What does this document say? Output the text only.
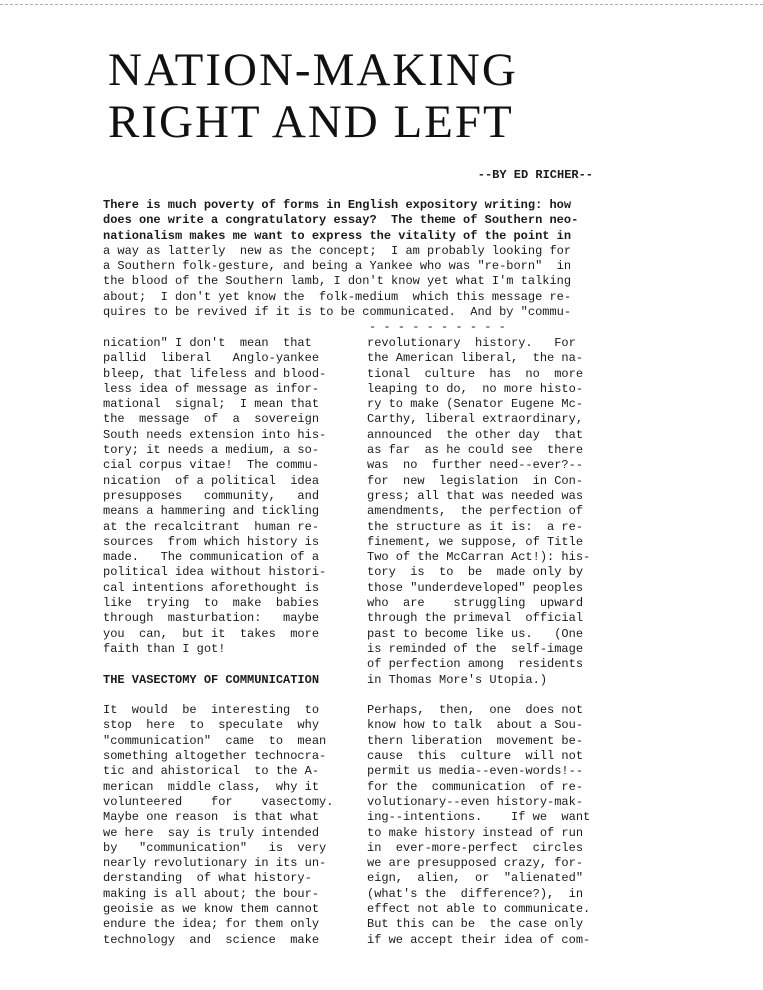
NATION-MAKING
RIGHT AND LEFT
--BY ED RICHER--
There is much poverty of forms in English expository writing: how
does one write a congratulatory essay?  The theme of Southern neo-
nationalism makes me want to express the vitality of the point in
a way as latterly  new as the concept;  I am probably looking for
a Southern folk-gesture, and being a Yankee who was "re-born"  in
the blood of the Southern lamb, I don't know yet what I'm talking
about;  I don't yet know the  folk-medium  which this message re-
quires to be revived if it is to be communicated.  And by "commu-
- - - - - - - - - -
nication" I don't  mean  that
pallid  liberal   Anglo-yankee
bleep, that lifeless and blood-
less idea of message as infor-
mational  signal;  I mean that
the  message  of  a  sovereign
South needs extension into his-
tory; it needs a medium, a so-
cial corpus vitae!  The commu-
nication  of a political  idea
presupposes   community,   and
means a hammering and tickling
at the recalcitrant  human re-
sources  from which history is
made.   The communication of a
political idea without histori-
cal intentions aforethought is
like  trying  to  make  babies
through  masturbation:   maybe
you  can,  but it  takes  more
faith than I got!
THE VASECTOMY OF COMMUNICATION
It  would  be  interesting  to
stop  here  to  speculate  why
"communication"  came  to  mean
something altogether technocra-
tic and ahistorical  to the A-
merican  middle class,  why it
volunteered    for    vasectomy.
Maybe one reason  is that what
we here  say is truly intended
by   "communication"   is  very
nearly revolutionary in its un-
derstanding  of what history-
making is all about; the bour-
geoisie as we know them cannot
endure the idea; for them only
technology  and  science  make
revolutionary  history.   For
the American liberal,  the na-
tional  culture  has  no  more
leaping to do,  no more histo-
ry to make (Senator Eugene Mc-
Carthy, liberal extraordinary,
announced  the other day  that
as far  as he could see  there
was  no  further need--ever?--
for  new  legislation  in Con-
gress; all that was needed was
amendments,  the perfection of
the structure as it is:  a re-
finement, we suppose, of Title
Two of the McCarran Act!): his-
tory  is  to  be  made only by
those "underdeveloped" peoples
who  are    struggling  upward
through the primeval  official
past to become like us.   (One
is reminded of the  self-image
of perfection among  residents
in Thomas More's Utopia.)
Perhaps,  then,  one  does not
know how to talk  about a Sou-
thern liberation  movement be-
cause  this  culture  will not
permit us media--even-words!--
for the  communication  of re-
volutionary--even history-mak-
ing--intentions.    If we  want
to make history instead of run
in  ever-more-perfect  circles
we are presupposed crazy, for-
eign,  alien,  or  "alienated"
(what's the  difference?),  in
effect not able to communicate.
But this can be  the case only
if we accept their idea of com-
